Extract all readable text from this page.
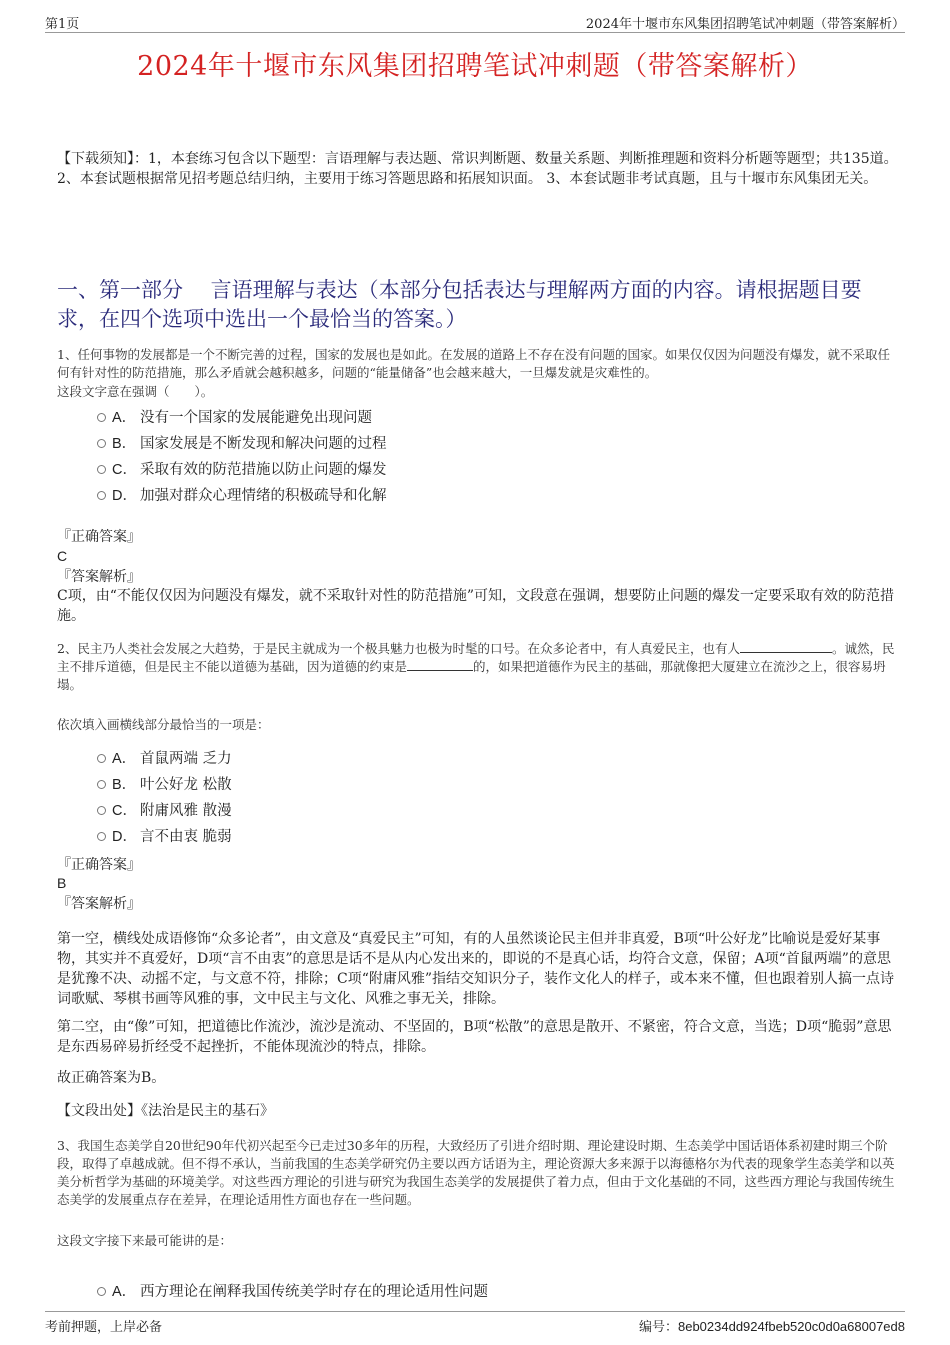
第1页	2024年十堰市东风集团招聘笔试冲刺题（带答案解析）
2024年十堰市东风集团招聘笔试冲刺题（带答案解析）
【下载须知】：1，本套练习包含以下题型：言语理解与表达题、常识判断题、数量关系题、判断推理题和资料分析题等题型；共135道。 2、本套试题根据常见招考题总结归纳，主要用于练习答题思路和拓展知识面。 3、本套试题非考试真题，且与十堰市东风集团无关。
一、第一部分　 言语理解与表达（本部分包括表达与理解两方面的内容。请根据题目要求，在四个选项中选出一个最恰当的答案。）
1、任何事物的发展都是一个不断完善的过程，国家的发展也是如此。在发展的道路上不存在没有问题的国家。如果仅仅因为问题没有爆发，就不采取任何有针对性的防范措施，那么矛盾就会越积越多，问题的“能量储备”也会越来越大，一旦爆发就是灾难性的。
这段文字意在强调（　　）。
A． 没有一个国家的发展能避免出现问题
B． 国家发展是不断发现和解决问题的过程
C． 采取有效的防范措施以防止问题的爆发
D． 加强对群众心理情绪的积极疏导和化解
『正确答案』
C
『答案解析』
C项，由“不能仅仅因为问题没有爆发，就不采取针对性的防范措施”可知，文段意在强调，想要防止问题的爆发一定要采取有效的防范措施。
2、民主乃人类社会发展之大趋势，于是民主就成为一个极具魅力也极为时髦的口号。在众多论者中，有人真爱民主，也有人	。诚然，民主不排斥道德，但是民主不能以道德为基础，因为道德的约束是	的，如果把道德作为民主的基础，那就像把大厦建立在流沙之上，很容易坍塌。
依次填入画横线部分最恰当的一项是：
A． 首鼠两端 乏力
B． 叶公好龙 松散
C． 附庸风雅 散漫
D． 言不由衷 脆弱
『正确答案』
B
『答案解析』
第一空，横线处成语修饰“众多论者”，由文意及“真爱民主”可知，有的人虽然谈论民主但并非真爱，B项“叶公好龙”比喻说是爱好某事物，其实并不真爱好，D项“言不由衷”的意思是话不是从内心发出来的，即说的不是真心话，均符合文意，保留；A项“首鼠两端”的意思是犹豫不决、动摇不定，与文意不符，排除；C项“附庸风雅”指结交知识分子，装作文化人的样子，或本来不懂，但也跟着别人搞一点诗词歌赋、琴棋书画等风雅的事，文中民主与文化、风雅之事无关，排除。
第二空，由“像”可知，把道德比作流沙，流沙是流动、不坚固的，B项“松散”的意思是散开、不紧密，符合文意，当选；D项“脆弱”意思是东西易碎易折经受不起挫折，不能体现流沙的特点，排除。
故正确答案为B。
【文段出处】《法治是民主的基石》
3、我国生态美学自20世纪90年代初兴起至今已走过30多年的历程，大致经历了引进介绍时期、理论建设时期、生态美学中国话语体系初建时期三个阶段，取得了卓越成就。但不得不承认，当前我国的生态美学研究仍主要以西方话语为主，理论资源大多来源于以海德格尔为代表的现象学生态美学和以英美分析哲学为基础的环境美学。对这些西方理论的引进与研究为我国生态美学的发展提供了着力点，但由于文化基础的不同，这些西方理论与我国传统生态美学的发展重点存在差异，在理论适用性方面也存在一些问题。
这段文字接下来最可能讲的是：
A． 西方理论在阐释我国传统美学时存在的理论适用性问题
考前押题，上岸必备	编号：8eb0234dd924fbeb520c0d0a68007ed8
